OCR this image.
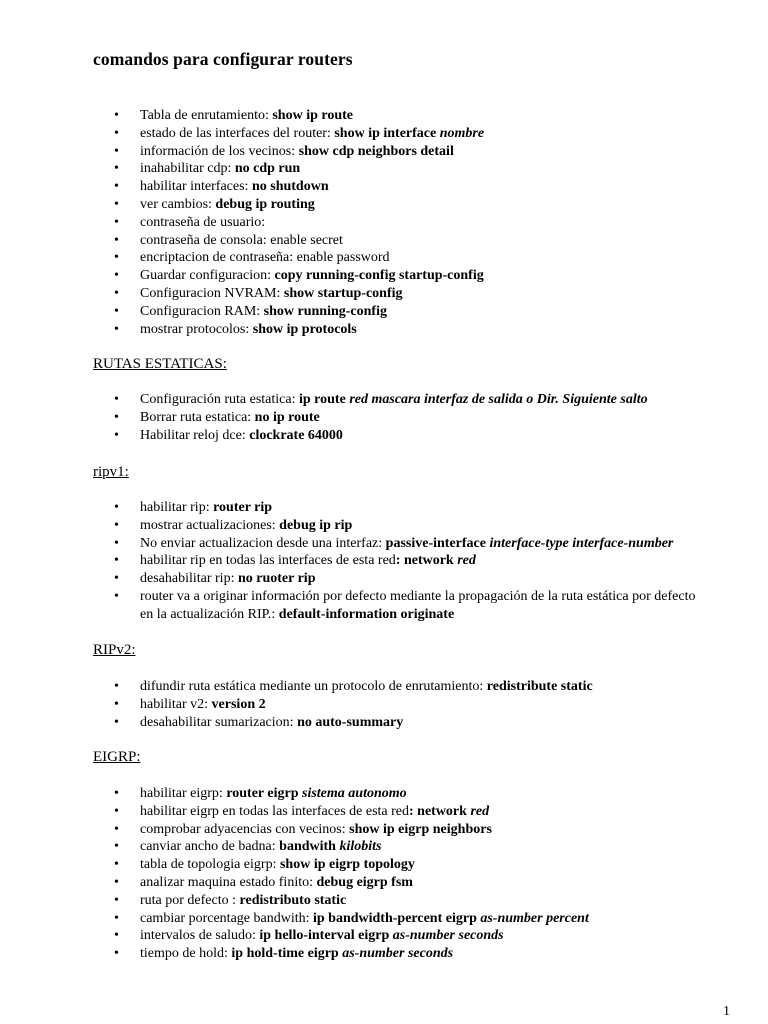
comandos para configurar routers
• Tabla de enrutamiento: show ip route
• estado de las interfaces del router: show ip interface nombre
• información de los vecinos: show cdp neighbors detail
• inahabilitar cdp: no cdp run
• habilitar interfaces: no shutdown
• ver cambios: debug ip routing
• contraseña de usuario:
• contraseña de consola: enable secret
• encriptacion de contraseña: enable password
• Guardar configuracion: copy running-config startup-config
• Configuracion NVRAM: show startup-config
• Configuracion RAM: show running-config
• mostrar protocolos: show ip protocols
RUTAS ESTATICAS:
• Configuración ruta estatica: ip route red mascara interfaz de salida o Dir. Siguiente salto
• Borrar ruta estatica: no ip route
• Habilitar reloj dce: clockrate 64000
ripv1:
• habilitar rip: router rip
• mostrar actualizaciones: debug ip rip
• No enviar actualizacion desde una interfaz: passive-interface interface-type interface-number
• habilitar rip en todas las interfaces de esta red: network red
• desahabilitar rip: no ruoter rip
• router va a originar información por defecto mediante la propagación de la ruta estática por defecto en la actualización RIP.: default-information originate
RIPv2:
• difundir ruta estática mediante un protocolo de enrutamiento: redistribute static
• habilitar v2: version 2
• desahabilitar sumarizacion: no auto-summary
EIGRP:
• habilitar eigrp: router eigrp sistema autonomo
• habilitar eigrp en todas las interfaces de esta red: network red
• comprobar adyacencias con vecinos: show ip eigrp neighbors
• canviar ancho de badna: bandwith kilobits
• tabla de topologia eigrp: show ip eigrp topology
• analizar maquina estado finito: debug eigrp fsm
• ruta por defecto : redistributo static
• cambiar porcentage bandwith: ip bandwidth-percent eigrp as-number percent
• intervalos de saludo: ip hello-interval eigrp as-number seconds
• tiempo de hold: ip hold-time eigrp as-number seconds
1
